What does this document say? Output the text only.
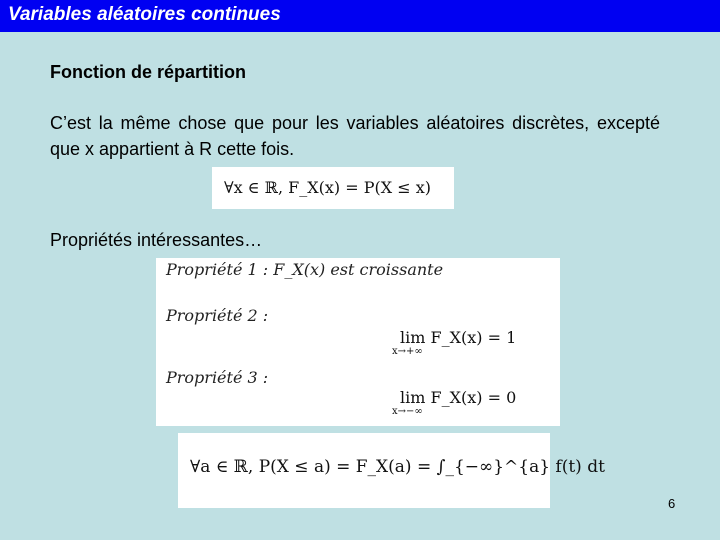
Variables aléatoires continues
Fonction de répartition

C’est la même chose que pour les variables aléatoires discrètes, excepté que x appartient à R cette fois.

∀x ∈ ℝ, F_X(x) = P(X ≤ x)
Propriétés intéressantes…
Propriété 1 : F_X(x) est croissante
Propriété 2 :
lim F_X(x) = 1
x→+∞
Propriété 3 :
lim F_X(x) = 0
x→−∞
∀a ∈ ℝ, P(X ≤ a) = F_X(a) = ∫_{−∞}^{a} f(t) dt
6
